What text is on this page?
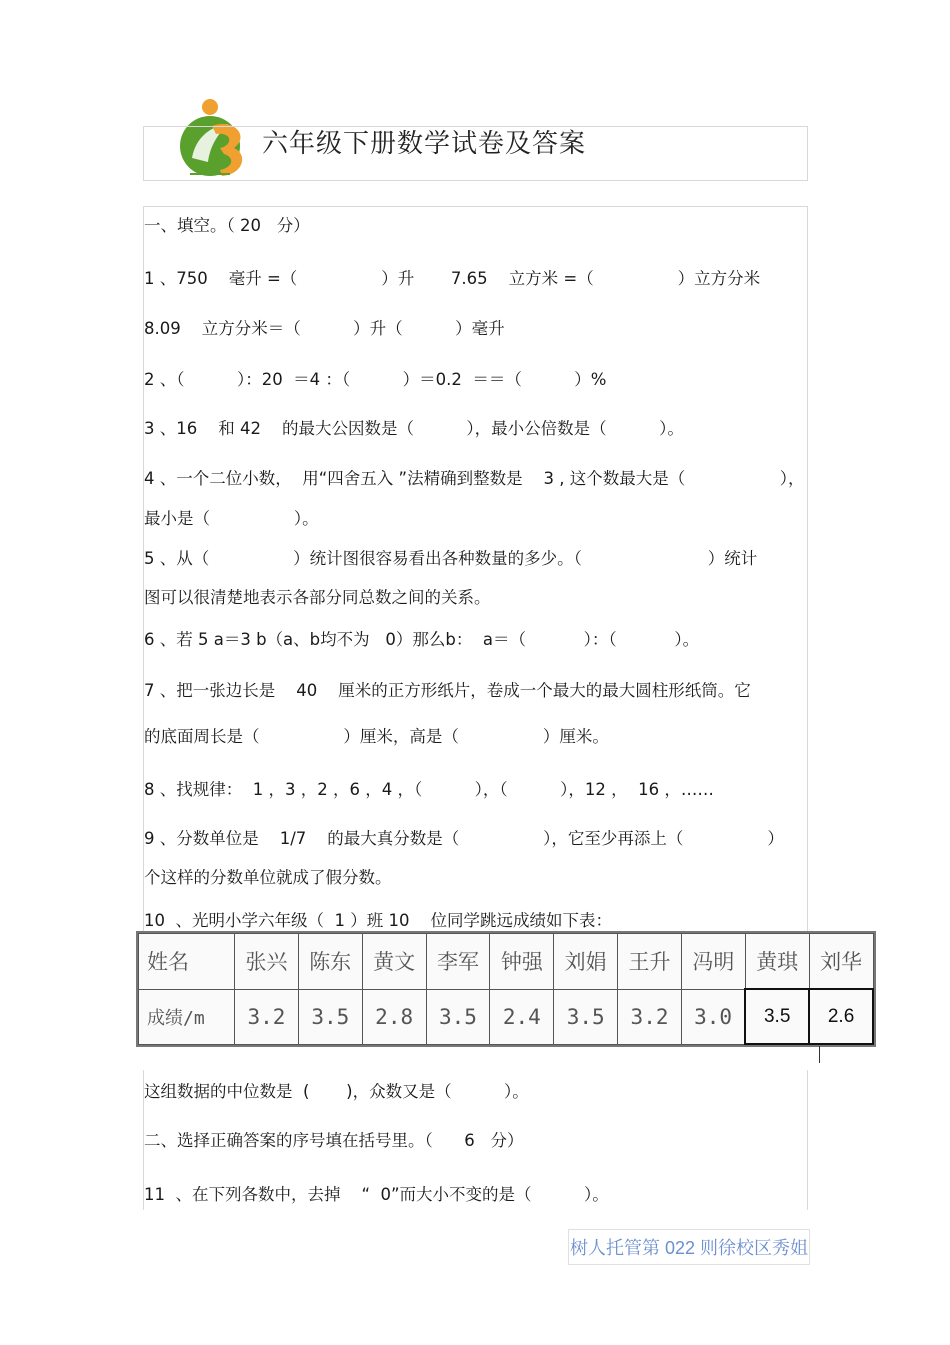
六年级下册数学试卷及答案
一、填空。（ 20   分）
1 、750    毫升 =（                ）升       7.65    立方米 =（                ）立方分米
8.09    立方分米＝（          ）升（          ）毫升
2 、（          ）：20  ＝4 ：（          ）＝0.2  ＝＝（          ）%
3 、16    和 42    的最大公因数是（          ），最小公倍数是（          ）。
4 、一个二位小数，  用“四舍五入 ”法精确到整数是    3 , 这个数最大是（                  ），
最小是（                ）。
5 、从（                ）统计图很容易看出各种数量的多少。（                        ）统计
图可以很清楚地表示各部分同总数之间的关系。
6 、若 5 a＝3 b（a、b均不为   0）那么b：  a＝（           ）：（           ）。
7 、把一张边长是    40    厘米的正方形纸片，卷成一个最大的最大圆柱形纸筒。它
的底面周长是（                ）厘米，高是（                ）厘米。
8 、找规律：  1 ，3 ，2 ，6 ，4 ，（          ），（          ），12 ，  16 ，……
9 、分数单位是    1/7    的最大真分数是（                ），它至少再添上（                ）
个这样的分数单位就成了假分数。
10  、光明小学六年级（  1 ）班 10    位同学跳远成绩如下表：
姓名	张兴	陈东	黄文	李军	钟强	刘娟	王升	冯明	黄琪	刘华
成绩/m	3.2	3.5	2.8	3.5	2.4	3.5	3.2	3.0	3.5	2.6
这组数据的中位数是  (       )，众数又是（          ）。
二、选择正确答案的序号填在括号里。（      6   分）
11  、在下列各数中，去掉    “  0”而大小不变的是（          ）。
树人托管第 022 则徐校区秀姐
